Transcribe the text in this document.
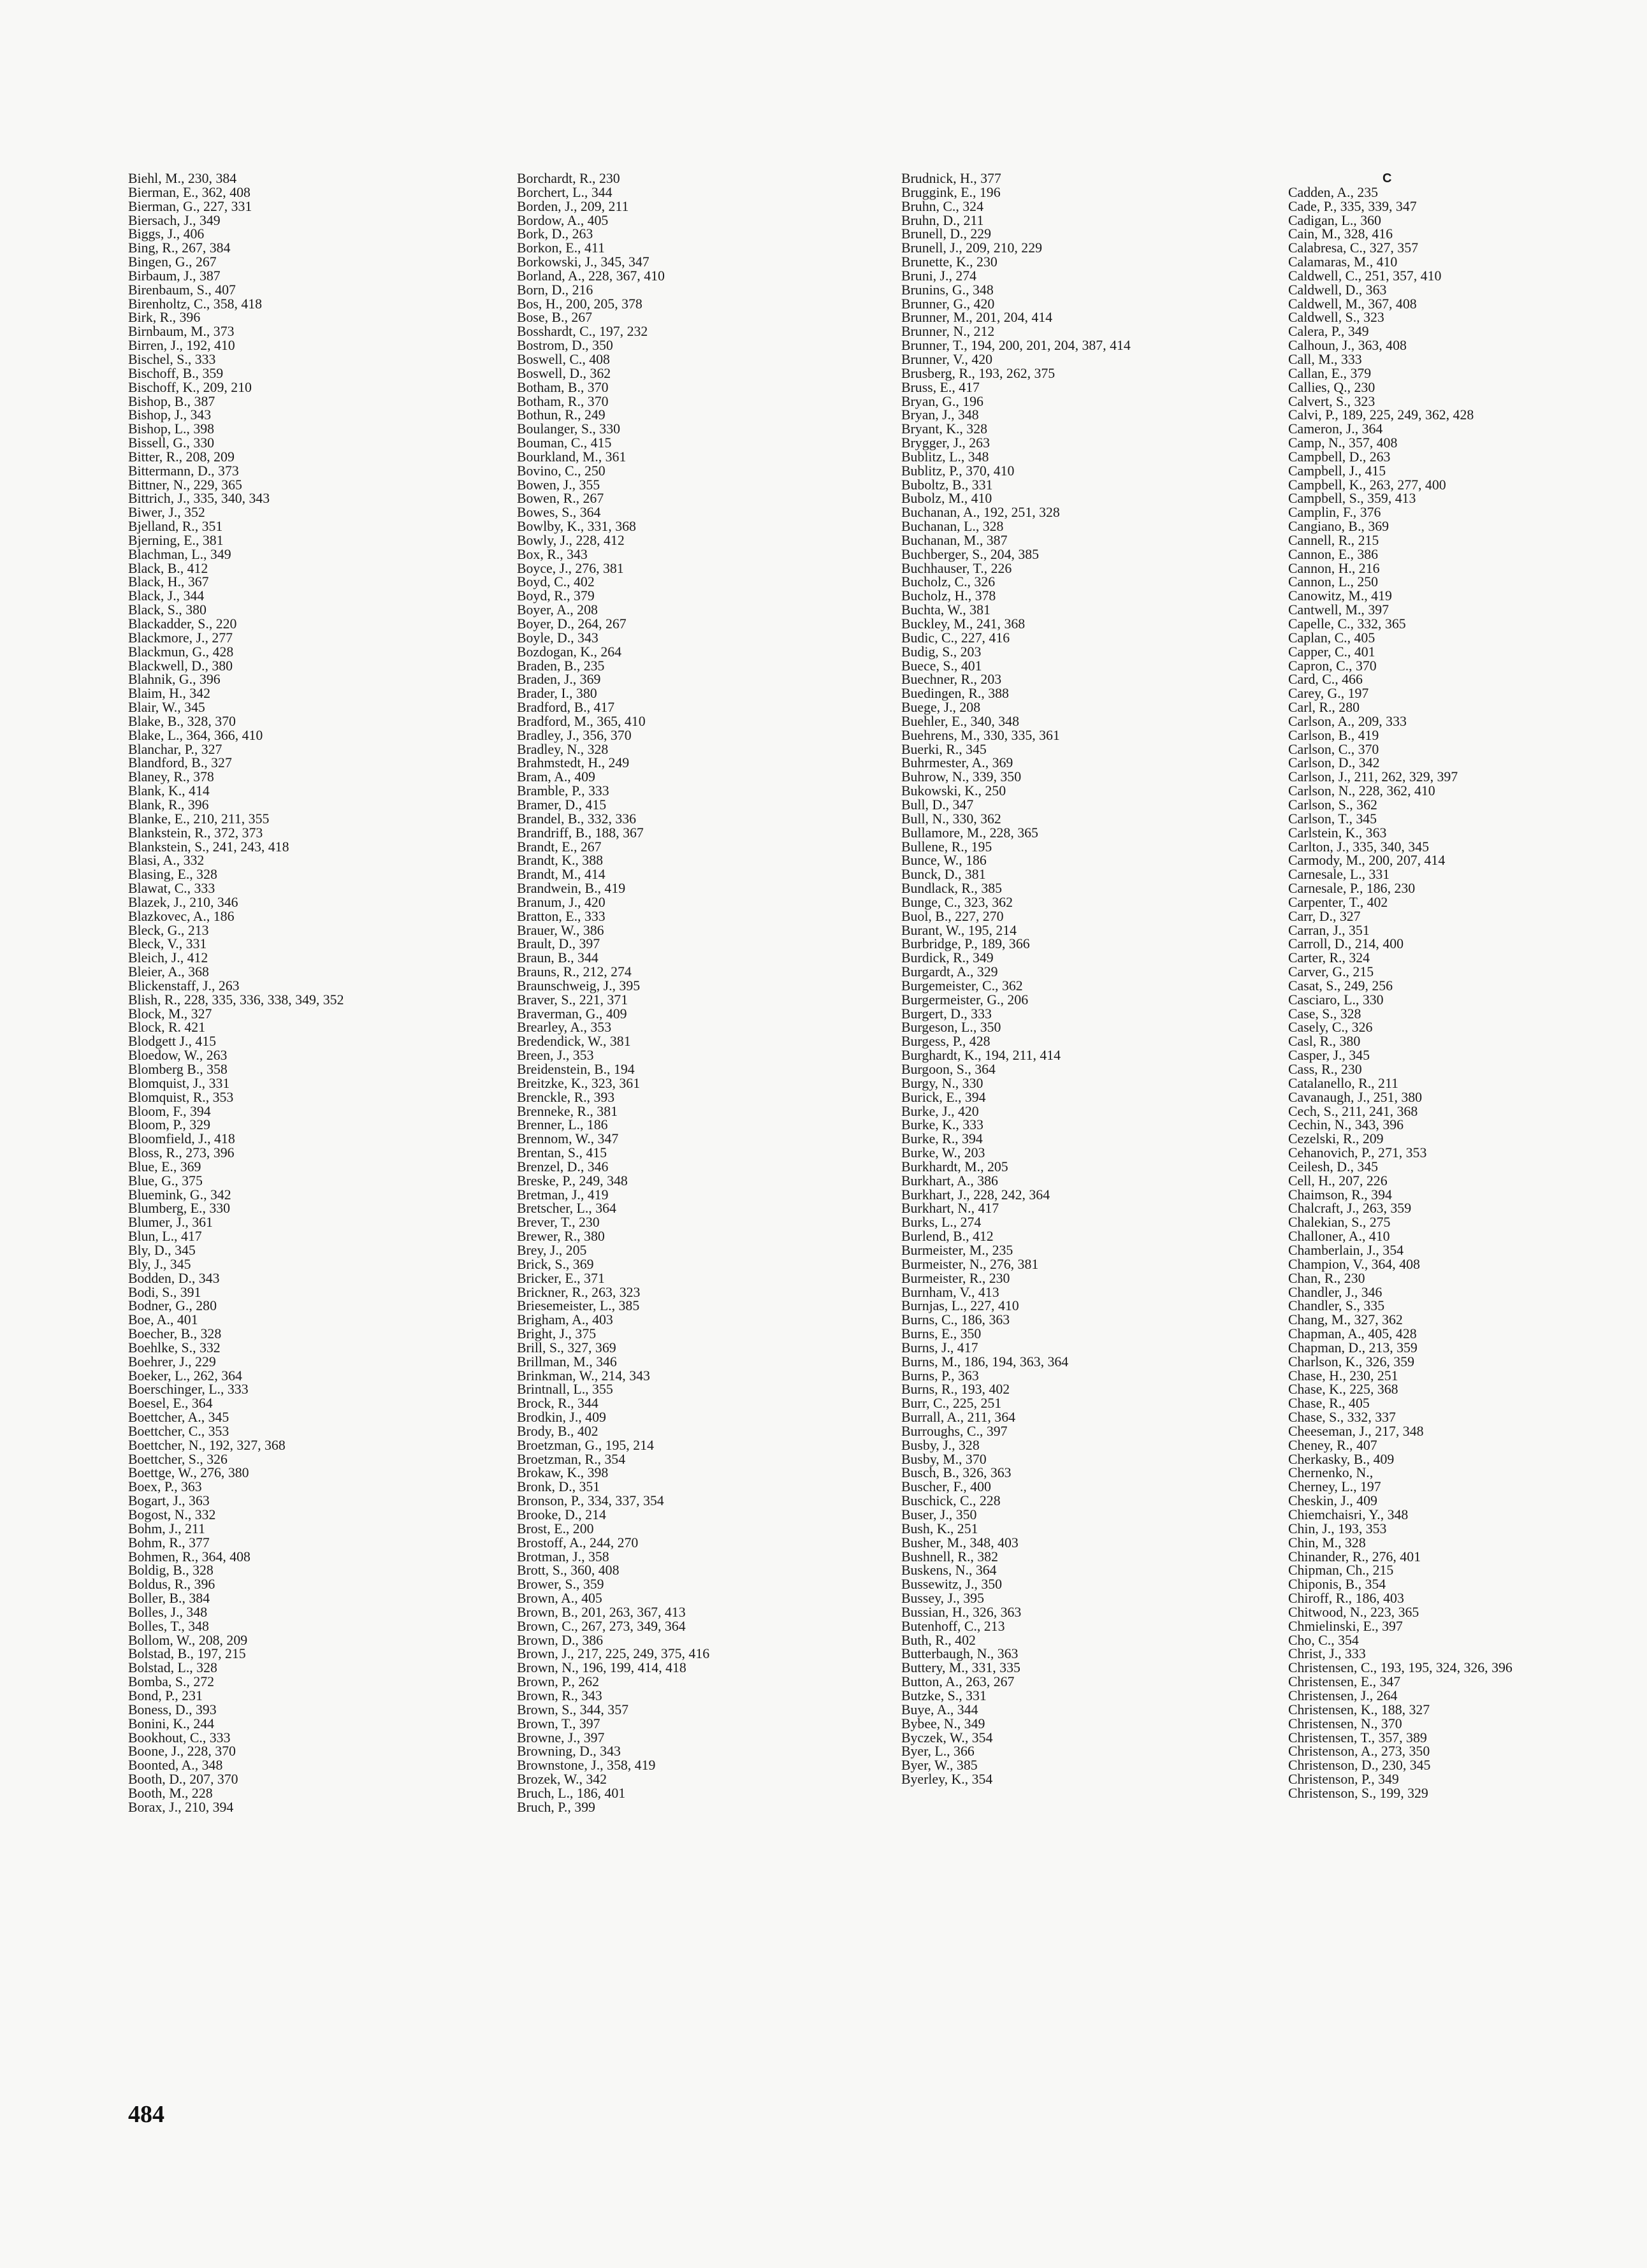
Biehl, M., 230, 384
Bierman, E., 362, 408
Bierman, G., 227, 331
Biersach, J., 349
Biggs, J., 406
Bing, R., 267, 384
Bingen, G., 267
Birbaum, J., 387
Birenbaum, S., 407
Birenholtz, C., 358, 418
Birk, R., 396
Birnbaum, M., 373
Birren, J., 192, 410
Bischel, S., 333
Bischoff, B., 359
Bischoff, K., 209, 210
Bishop, B., 387
Bishop, J., 343
Bishop, L., 398
Bissell, G., 330
Bitter, R., 208, 209
Bittermann, D., 373
Bittner, N., 229, 365
Bittrich, J., 335, 340, 343
Biwer, J., 352
Bjelland, R., 351
Bjerning, E., 381
Blachman, L., 349
Black, B., 412
Black, H., 367
Black, J., 344
Black, S., 380
Blackadder, S., 220
Blackmore, J., 277
Blackmun, G., 428
Blackwell, D., 380
Blahnik, G., 396
Blaim, H., 342
Blair, W., 345
Blake, B., 328, 370
Blake, L., 364, 366, 410
Blanchar, P., 327
Blandford, B., 327
Blaney, R., 378
Blank, K., 414
Blank, R., 396
Blanke, E., 210, 211, 355
Blankstein, R., 372, 373
Blankstein, S., 241, 243, 418
Blasi, A., 332
Blasing, E., 328
Blawat, C., 333
Blazek, J., 210, 346
Blazkovec, A., 186
Bleck, G., 213
Bleck, V., 331
Bleich, J., 412
Bleier, A., 368
Blickenstaff, J., 263
Blish, R., 228, 335, 336, 338, 349, 352
Block, M., 327
Block, R. 421
Blodgett J., 415
Bloedow, W., 263
Blomberg B., 358
Blomquist, J., 331
Blomquist, R., 353
Bloom, F., 394
Bloom, P., 329
Bloomfield, J., 418
Bloss, R., 273, 396
Blue, E., 369
Blue, G., 375
Bluemink, G., 342
Blumberg, E., 330
Blumer, J., 361
Blun, L., 417
Bly, D., 345
Bly, J., 345
Bodden, D., 343
Bodi, S., 391
Bodner, G., 280
Boe, A., 401
Boecher, B., 328
Boehlke, S., 332
Boehrer, J., 229
Boeker, L., 262, 364
Boerschinger, L., 333
Boesel, E., 364
Boettcher, A., 345
Boettcher, C., 353
Boettcher, N., 192, 327, 368
Boettcher, S., 326
Boettge, W., 276, 380
Boex, P., 363
Bogart, J., 363
Bogost, N., 332
Bohm, J., 211
Bohm, R., 377
Bohmen, R., 364, 408
Boldig, B., 328
Boldus, R., 396
Boller, B., 384
Bolles, J., 348
Bolles, T., 348
Bollom, W., 208, 209
Bolstad, B., 197, 215
Bolstad, L., 328
Bomba, S., 272
Bond, P., 231
Boness, D., 393
Bonini, K., 244
Bookhout, C., 333
Boone, J., 228, 370
Boonted, A., 348
Booth, D., 207, 370
Booth, M., 228
Borax, J., 210, 394
Borchardt, R., 230
Borchert, L., 344
Borden, J., 209, 211
Bordow, A., 405
Bork, D., 263
Borkon, E., 411
Borkowski, J., 345, 347
Borland, A., 228, 367, 410
Born, D., 216
Bos, H., 200, 205, 378
Bose, B., 267
Bosshardt, C., 197, 232
Bostrom, D., 350
Boswell, C., 408
Boswell, D., 362
Botham, B., 370
Botham, R., 370
Bothun, R., 249
Boulanger, S., 330
Bouman, C., 415
Bourkland, M., 361
Bovino, C., 250
Bowen, J., 355
Bowen, R., 267
Bowes, S., 364
Bowlby, K., 331, 368
Bowly, J., 228, 412
Box, R., 343
Boyce, J., 276, 381
Boyd, C., 402
Boyd, R., 379
Boyer, A., 208
Boyer, D., 264, 267
Boyle, D., 343
Bozdogan, K., 264
Braden, B., 235
Braden, J., 369
Brader, I., 380
Bradford, B., 417
Bradford, M., 365, 410
Bradley, J., 356, 370
Bradley, N., 328
Brahmstedt, H., 249
Bram, A., 409
Bramble, P., 333
Bramer, D., 415
Brandel, B., 332, 336
Brandriff, B., 188, 367
Brandt, E., 267
Brandt, K., 388
Brandt, M., 414
Brandwein, B., 419
Branum, J., 420
Bratton, E., 333
Brauer, W., 386
Brault, D., 397
Braun, B., 344
Brauns, R., 212, 274
Braunschweig, J., 395
Braver, S., 221, 371
Braverman, G., 409
Brearley, A., 353
Bredendick, W., 381
Breen, J., 353
Breidenstein, B., 194
Breitzke, K., 323, 361
Brenckle, R., 393
Brenneke, R., 381
Brenner, L., 186
Brennom, W., 347
Brentan, S., 415
Brenzel, D., 346
Breske, P., 249, 348
Bretman, J., 419
Bretscher, L., 364
Brever, T., 230
Brewer, R., 380
Brey, J., 205
Brick, S., 369
Bricker, E., 371
Brickner, R., 263, 323
Briesemeister, L., 385
Brigham, A., 403
Bright, J., 375
Brill, S., 327, 369
Brillman, M., 346
Brinkman, W., 214, 343
Brintnall, L., 355
Brock, R., 344
Brodkin, J., 409
Brody, B., 402
Broetzman, G., 195, 214
Broetzman, R., 354
Brokaw, K., 398
Bronk, D., 351
Bronson, P., 334, 337, 354
Brooke, D., 214
Brost, E., 200
Brostoff, A., 244, 270
Brotman, J., 358
Brott, S., 360, 408
Brower, S., 359
Brown, A., 405
Brown, B., 201, 263, 367, 413
Brown, C., 267, 273, 349, 364
Brown, D., 386
Brown, J., 217, 225, 249, 375, 416
Brown, N., 196, 199, 414, 418
Brown, P., 262
Brown, R., 343
Brown, S., 344, 357
Brown, T., 397
Browne, J., 397
Browning, D., 343
Brownstone, J., 358, 419
Brozek, W., 342
Bruch, L., 186, 401
Bruch, P., 399
Brudnick, H., 377
Bruggink, E., 196
Bruhn, C., 324
Bruhn, D., 211
Brunell, D., 229
Brunell, J., 209, 210, 229
Brunette, K., 230
Bruni, J., 274
Brunins, G., 348
Brunner, G., 420
Brunner, M., 201, 204, 414
Brunner, N., 212
Brunner, T., 194, 200, 201, 204, 387, 414
Brunner, V., 420
Brusberg, R., 193, 262, 375
Bruss, E., 417
Bryan, G., 196
Bryan, J., 348
Bryant, K., 328
Brygger, J., 263
Bublitz, L., 348
Bublitz, P., 370, 410
Buboltz, B., 331
Bubolz, M., 410
Buchanan, A., 192, 251, 328
Buchanan, L., 328
Buchanan, M., 387
Buchberger, S., 204, 385
Buchhauser, T., 226
Bucholz, C., 326
Bucholz, H., 378
Buchta, W., 381
Buckley, M., 241, 368
Budic, C., 227, 416
Budig, S., 203
Buece, S., 401
Buechner, R., 203
Buedingen, R., 388
Buege, J., 208
Buehler, E., 340, 348
Buehrens, M., 330, 335, 361
Buerki, R., 345
Buhrmester, A., 369
Buhrow, N., 339, 350
Bukowski, K., 250
Bull, D., 347
Bull, N., 330, 362
Bullamore, M., 228, 365
Bullene, R., 195
Bunce, W., 186
Bunck, D., 381
Bundlack, R., 385
Bunge, C., 323, 362
Buol, B., 227, 270
Burant, W., 195, 214
Burbridge, P., 189, 366
Burdick, R., 349
Burgardt, A., 329
Burgemeister, C., 362
Burgermeister, G., 206
Burgert, D., 333
Burgeson, L., 350
Burgess, P., 428
Burghardt, K., 194, 211, 414
Burgoon, S., 364
Burgy, N., 330
Burick, E., 394
Burke, J., 420
Burke, K., 333
Burke, R., 394
Burke, W., 203
Burkhardt, M., 205
Burkhart, A., 386
Burkhart, J., 228, 242, 364
Burkhart, N., 417
Burks, L., 274
Burlend, B., 412
Burmeister, M., 235
Burmeister, N., 276, 381
Burmeister, R., 230
Burnham, V., 413
Burnjas, L., 227, 410
Burns, C., 186, 363
Burns, E., 350
Burns, J., 417
Burns, M., 186, 194, 363, 364
Burns, P., 363
Burns, R., 193, 402
Burr, C., 225, 251
Burrall, A., 211, 364
Burroughs, C., 397
Busby, J., 328
Busby, M., 370
Busch, B., 326, 363
Buscher, F., 400
Buschick, C., 228
Buser, J., 350
Bush, K., 251
Busher, M., 348, 403
Bushnell, R., 382
Buskens, N., 364
Bussewitz, J., 350
Bussey, J., 395
Bussian, H., 326, 363
Butenhoff, C., 213
Buth, R., 402
Butterbaugh, N., 363
Buttery, M., 331, 335
Button, A., 263, 267
Butzke, S., 331
Buye, A., 344
Bybee, N., 349
Byczek, W., 354
Byer, L., 366
Byer, W., 385
Byerley, K., 354
C
Cadden, A., 235
Cade, P., 335, 339, 347
Cadigan, L., 360
Cain, M., 328, 416
Calabresa, C., 327, 357
Calamaras, M., 410
Caldwell, C., 251, 357, 410
Caldwell, D., 363
Caldwell, M., 367, 408
Caldwell, S., 323
Calera, P., 349
Calhoun, J., 363, 408
Call, M., 333
Callan, E., 379
Callies, Q., 230
Calvert, S., 323
Calvi, P., 189, 225, 249, 362, 428
Cameron, J., 364
Camp, N., 357, 408
Campbell, D., 263
Campbell, J., 415
Campbell, K., 263, 277, 400
Campbell, S., 359, 413
Camplin, F., 376
Cangiano, B., 369
Cannell, R., 215
Cannon, E., 386
Cannon, H., 216
Cannon, L., 250
Canowitz, M., 419
Cantwell, M., 397
Capelle, C., 332, 365
Caplan, C., 405
Capper, C., 401
Capron, C., 370
Card, C., 466
Carey, G., 197
Carl, R., 280
Carlson, A., 209, 333
Carlson, B., 419
Carlson, C., 370
Carlson, D., 342
Carlson, J., 211, 262, 329, 397
Carlson, N., 228, 362, 410
Carlson, S., 362
Carlson, T., 345
Carlstein, K., 363
Carlton, J., 335, 340, 345
Carmody, M., 200, 207, 414
Carnesale, L., 331
Carnesale, P., 186, 230
Carpenter, T., 402
Carr, D., 327
Carran, J., 351
Carroll, D., 214, 400
Carter, R., 324
Carver, G., 215
Casat, S., 249, 256
Casciaro, L., 330
Case, S., 328
Casely, C., 326
Casl, R., 380
Casper, J., 345
Cass, R., 230
Catalanello, R., 211
Cavanaugh, J., 251, 380
Cech, S., 211, 241, 368
Cechin, N., 343, 396
Cezelski, R., 209
Cehanovich, P., 271, 353
Ceilesh, D., 345
Cell, H., 207, 226
Chaimson, R., 394
Chalcraft, J., 263, 359
Chalekian, S., 275
Challoner, A., 410
Chamberlain, J., 354
Champion, V., 364, 408
Chan, R., 230
Chandler, J., 346
Chandler, S., 335
Chang, M., 327, 362
Chapman, A., 405, 428
Chapman, D., 213, 359
Charlson, K., 326, 359
Chase, H., 230, 251
Chase, K., 225, 368
Chase, R., 405
Chase, S., 332, 337
Cheeseman, J., 217, 348
Cheney, R., 407
Cherkasky, B., 409
Chernenko, N.,
Cherney, L., 197
Cheskin, J., 409
Chiemchaisri, Y., 348
Chin, J., 193, 353
Chin, M., 328
Chinander, R., 276, 401
Chipman, Ch., 215
Chiponis, B., 354
Chiroff, R., 186, 403
Chitwood, N., 223, 365
Chmielinski, E., 397
Cho, C., 354
Christ, J., 333
Christensen, C., 193, 195, 324, 326, 396
Christensen, E., 347
Christensen, J., 264
Christensen, K., 188, 327
Christensen, N., 370
Christensen, T., 357, 389
Christenson, A., 273, 350
Christenson, D., 230, 345
Christenson, P., 349
Christenson, S., 199, 329
484
